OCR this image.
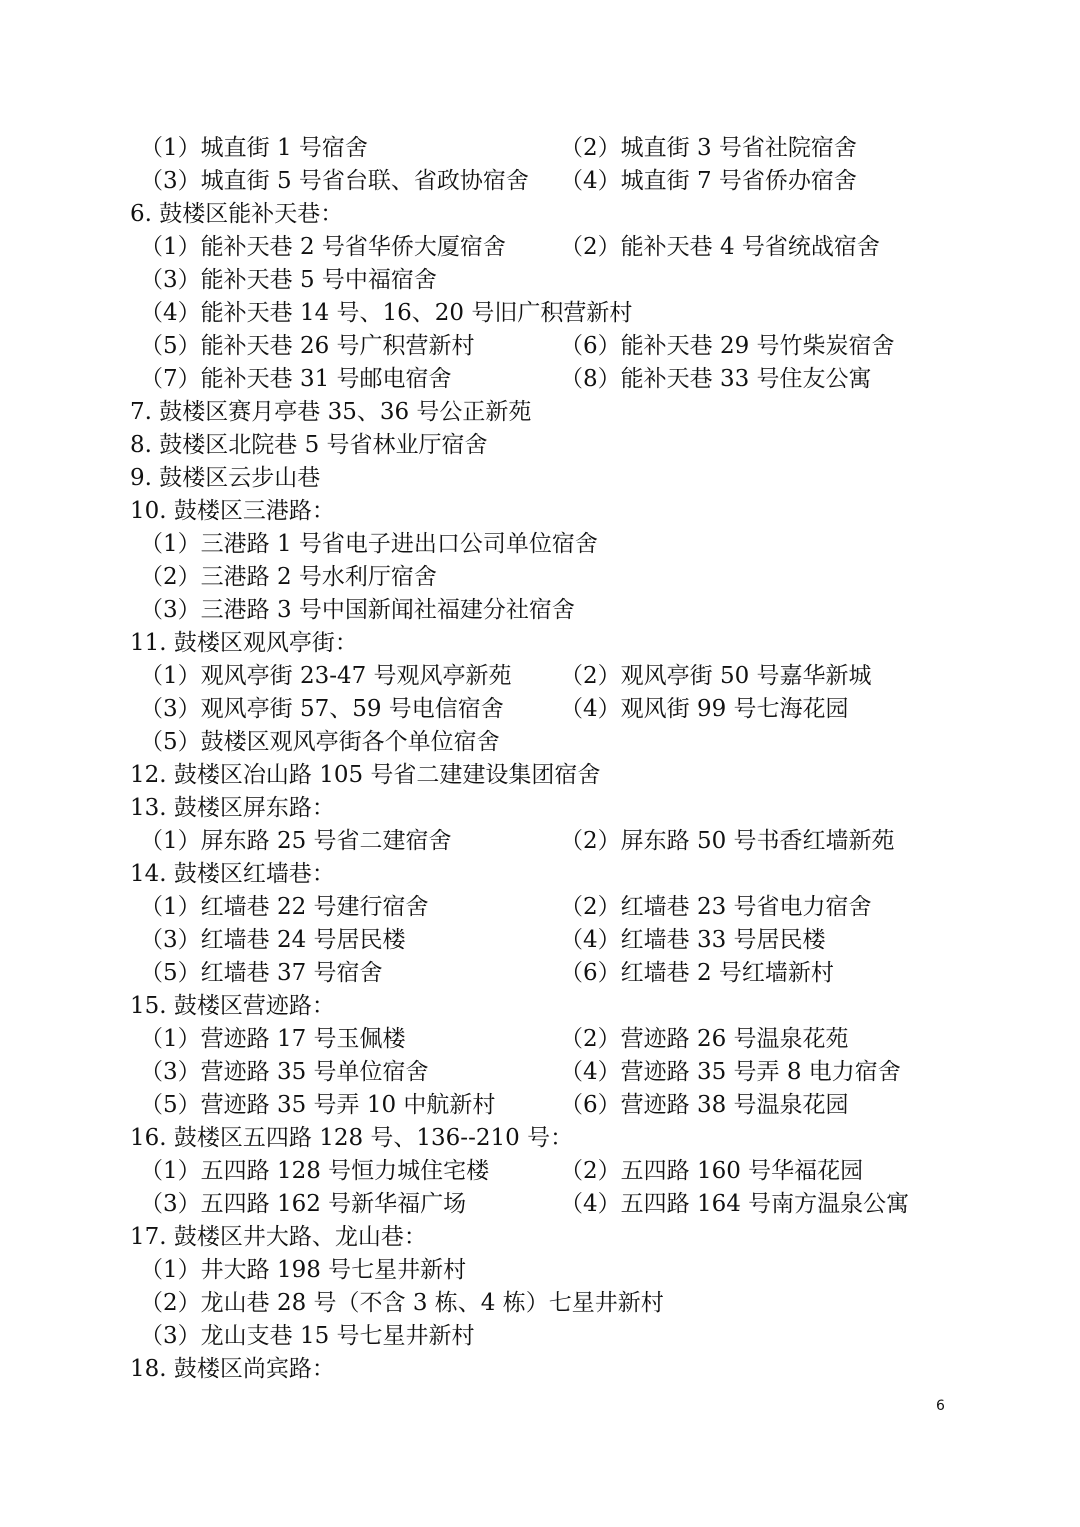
（1）城直街 1 号宿舍	（2）城直街 3 号省社院宿舍
（3）城直街 5 号省台联、省政协宿舍 （4）城直街 7 号省侨办宿舍
6. 鼓楼区能补天巷：
（1）能补天巷 2 号省华侨大厦宿舍 （2）能补天巷 4 号省统战宿舍
（3）能补天巷 5 号中福宿舍
（4）能补天巷 14 号、16、20 号旧广积营新村
（5）能补天巷 26 号广积营新村	（6）能补天巷 29 号竹柴炭宿舍
（7）能补天巷 31 号邮电宿舍	（8）能补天巷 33 号住友公寓
7. 鼓楼区赛月亭巷 35、36 号公正新苑
8. 鼓楼区北院巷 5 号省林业厅宿舍
9. 鼓楼区云步山巷
10. 鼓楼区三港路：
（1）三港路 1 号省电子进出口公司单位宿舍
（2）三港路 2 号水利厅宿舍
（3）三港路 3 号中国新闻社福建分社宿舍
11. 鼓楼区观风亭街：
（1）观风亭街 23-47 号观风亭新苑 （2）观风亭街 50 号嘉华新城
（3）观风亭街 57、59 号电信宿舍 （4）观风街 99 号七海花园
（5）鼓楼区观风亭街各个单位宿舍
12. 鼓楼区冶山路 105 号省二建建设集团宿舍
13. 鼓楼区屏东路：
（1）屏东路 25 号省二建宿舍	（2）屏东路 50 号书香红墙新苑
14. 鼓楼区红墙巷：
（1）红墙巷 22 号建行宿舍	（2）红墙巷 23 号省电力宿舍
（3）红墙巷 24 号居民楼	（4）红墙巷 33 号居民楼
（5）红墙巷 37 号宿舍	（6）红墙巷 2 号红墙新村
15. 鼓楼区营迹路：
（1）营迹路 17 号玉佩楼	（2）营迹路 26 号温泉花苑
（3）营迹路 35 号单位宿舍	（4）营迹路 35 号弄 8 电力宿舍
（5）营迹路 35 号弄 10 中航新村	（6）营迹路 38 号温泉花园
16. 鼓楼区五四路 128 号、136--210 号：
（1）五四路 128 号恒力城住宅楼	（2）五四路 160 号华福花园
（3）五四路 162 号新华福广场	（4）五四路 164 号南方温泉公寓
17. 鼓楼区井大路、龙山巷：
（1）井大路 198 号七星井新村
（2）龙山巷 28 号（不含 3 栋、4 栋）七星井新村
（3）龙山支巷 15 号七星井新村
18. 鼓楼区尚宾路：
6
